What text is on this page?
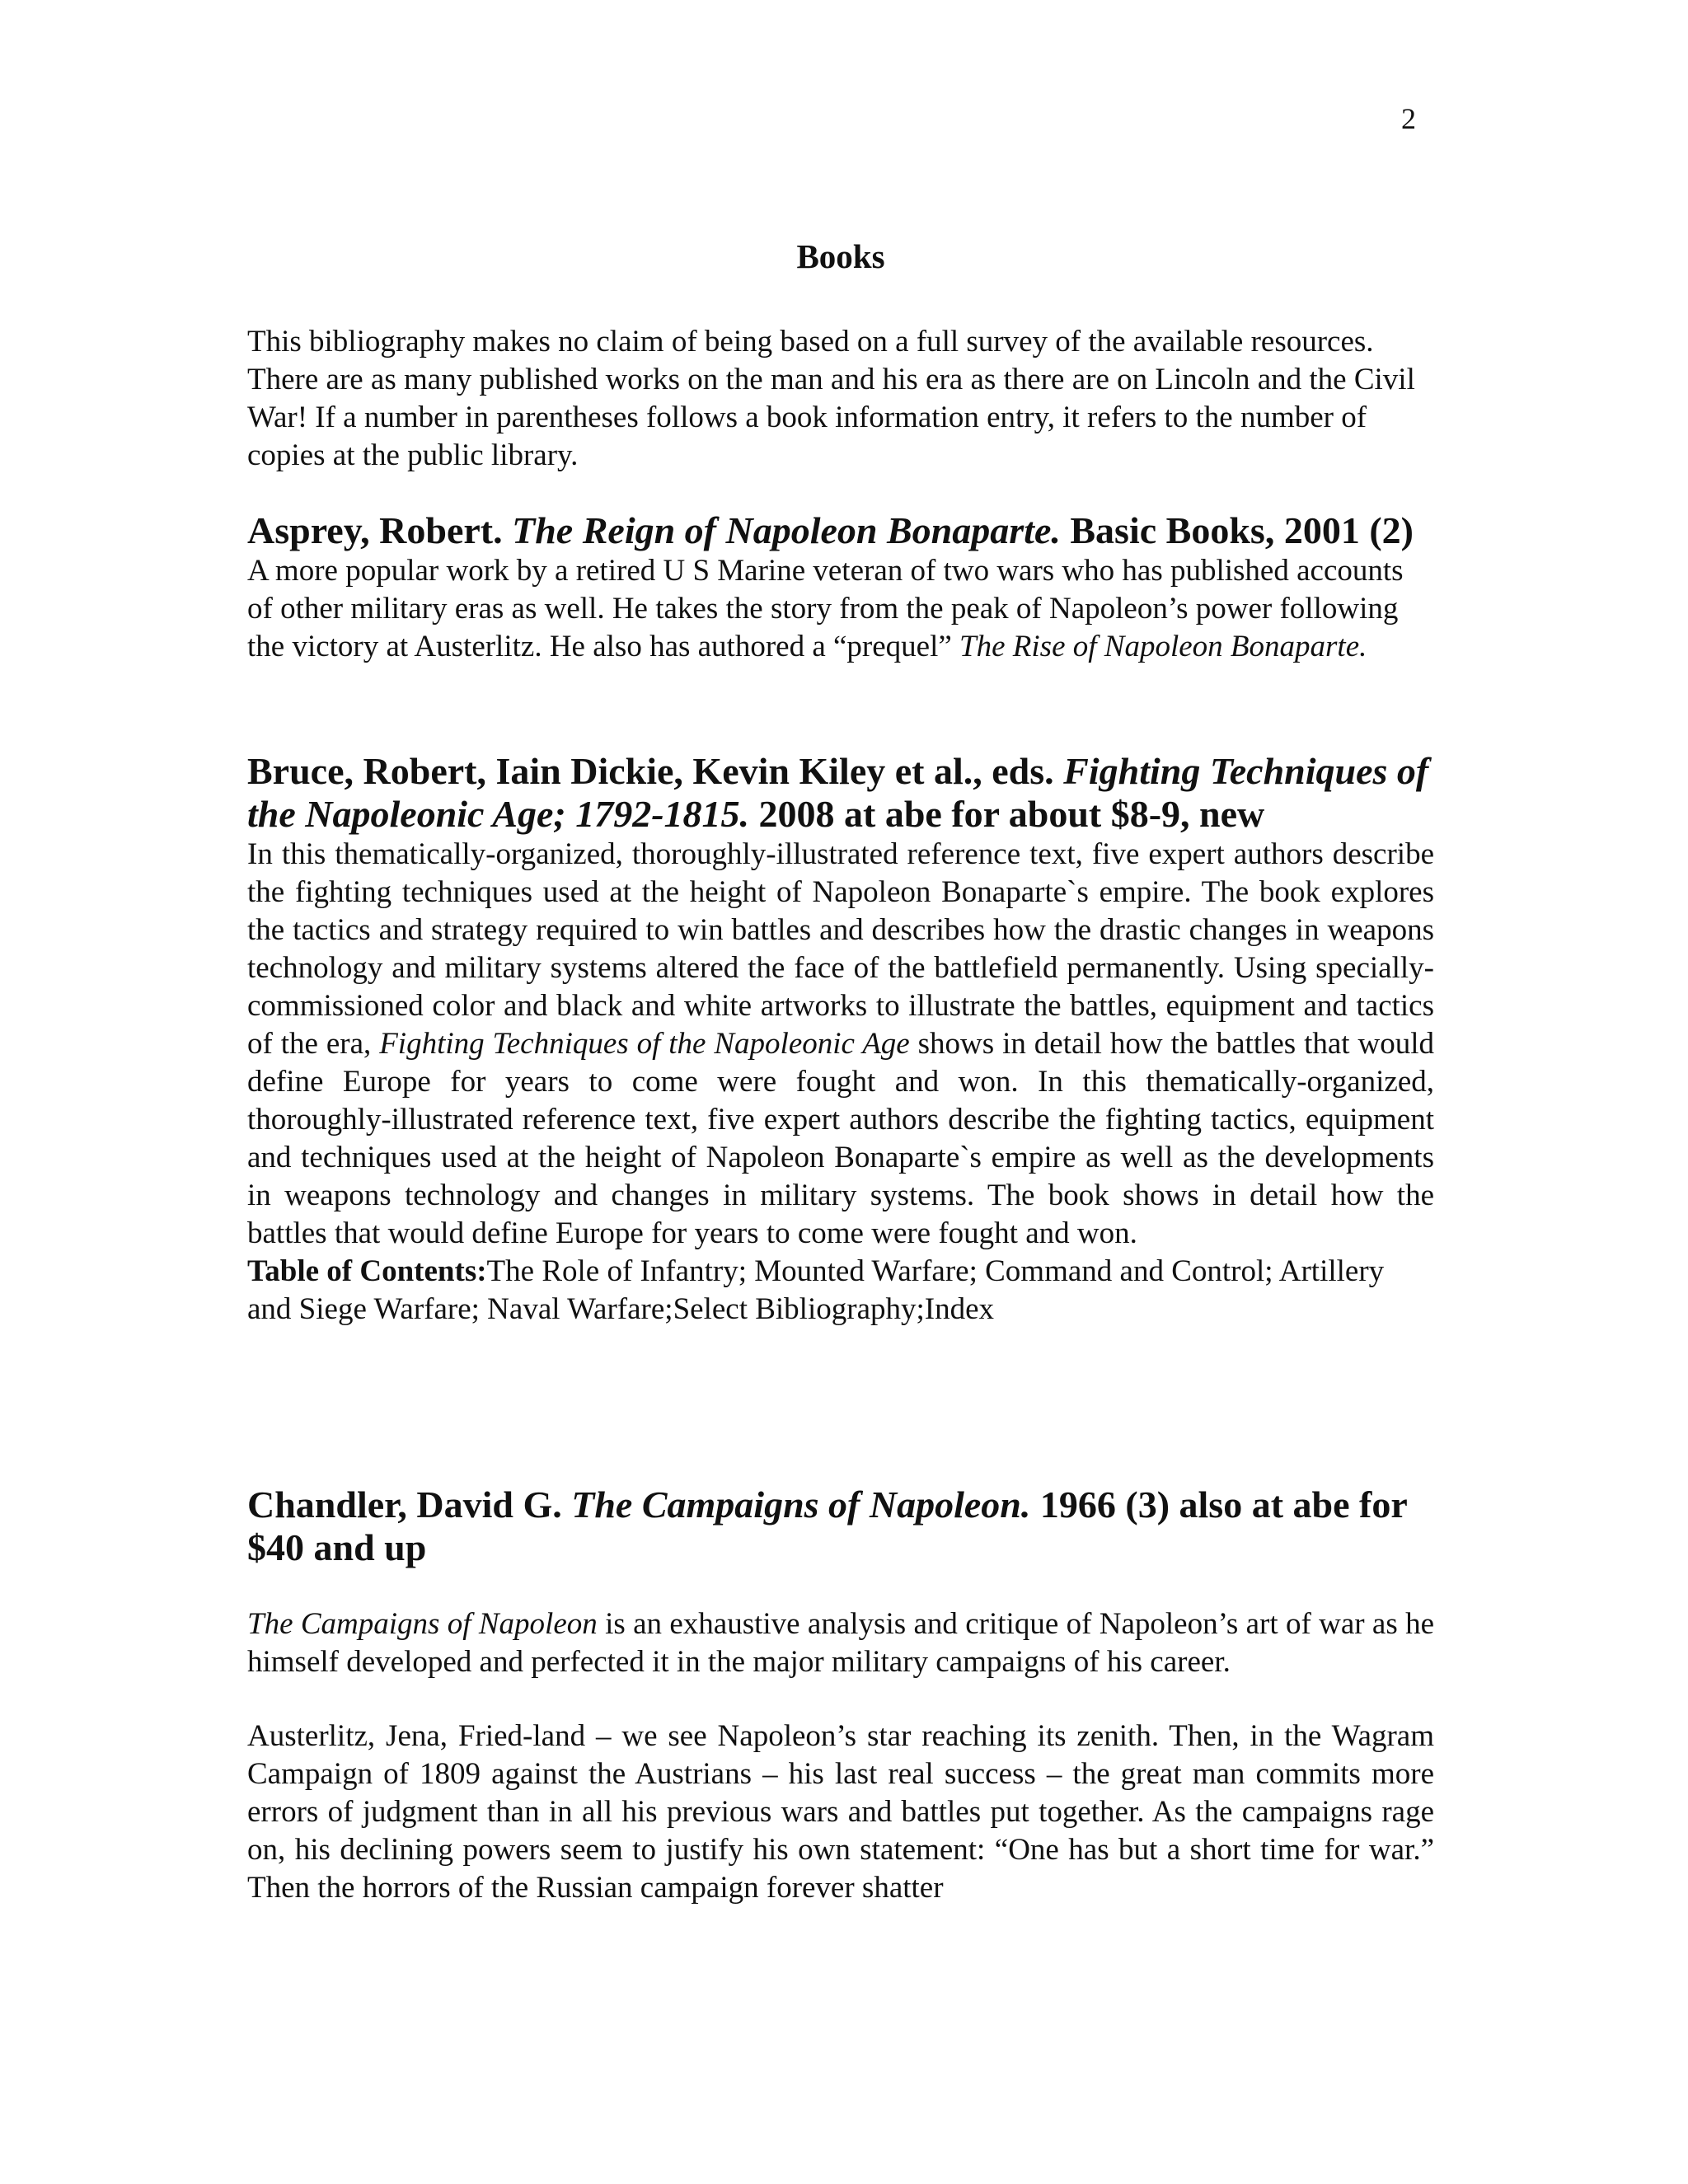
2
Books

This bibliography makes no claim of being based on a full survey of the available resources. There are as many published works on the man and his era as there are on Lincoln and the Civil War! If a number in parentheses follows a book information entry, it refers to the number of copies at the public library.

Asprey, Robert. The Reign of Napoleon Bonaparte. Basic Books, 2001 (2)
A more popular work by a retired U S Marine veteran of two wars who has published accounts of other military eras as well. He takes the story from the peak of Napoleon’s power following the victory at Austerlitz. He also has authored a “prequel” The Rise of Napoleon Bonaparte.
Bruce, Robert, Iain Dickie, Kevin Kiley et al., eds. Fighting Techniques of the Napoleonic Age; 1792-1815. 2008 at abe for about $8-9, new
In this thematically-organized, thoroughly-illustrated reference text, five expert authors describe the fighting techniques used at the height of Napoleon Bonaparte`s empire. The book explores the tactics and strategy required to win battles and describes how the drastic changes in weapons technology and military systems altered the face of the battlefield permanently. Using specially-commissioned color and black and white artworks to illustrate the battles, equipment and tactics of the era, Fighting Techniques of the Napoleonic Age shows in detail how the battles that would define Europe for years to come were fought and won. In this thematically-organized, thoroughly-illustrated reference text, five expert authors describe the fighting tactics, equipment and techniques used at the height of Napoleon Bonaparte`s empire as well as the developments in weapons technology and changes in military systems. The book shows in detail how the battles that would define Europe for years to come were fought and won.
Table of Contents:The Role of Infantry; Mounted Warfare; Command and Control; Artillery and Siege Warfare; Naval Warfare;Select Bibliography;Index
Chandler, David G. The Campaigns of Napoleon. 1966 (3) also at abe for $40 and up

The Campaigns of Napoleon is an exhaustive analysis and critique of Napoleon’s art of war as he himself developed and perfected it in the major military campaigns of his career.

Austerlitz, Jena, Fried-land – we see Napoleon’s star reaching its zenith. Then, in the Wagram Campaign of 1809 against the Austrians – his last real success – the great man commits more errors of judgment than in all his previous wars and battles put together. As the campaigns rage on, his declining powers seem to justify his own statement: “One has but a short time for war.” Then the horrors of the Russian campaign forever shatter
